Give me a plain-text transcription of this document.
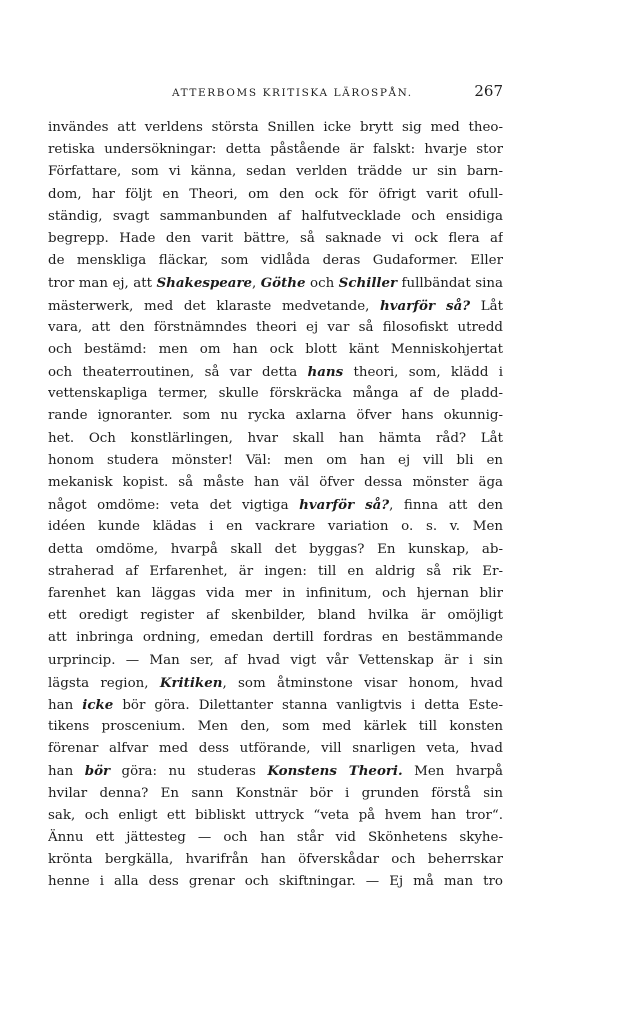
ATTERBOMS KRITISKA LÄROSPÅN.	267
invändes att verldens största Snillen icke brytt sig med theo-
retiska undersökningar: detta påstående är falskt: hvarje stor
Författare, som vi känna, sedan verlden trädde ur sin barn-
dom, har följt en Theori, om den ock för öfrigt varit ofull-
ständig, svagt sammanbunden af halfutvecklade och ensidiga
begrepp. Hade den varit bättre, så saknade vi ock flera af
de menskliga fläckar, som vidlåda deras Gudaformer. Eller
tror man ej, att Shakespeare, Göthe och Schiller fullbändat sina
mästerwerk, med det klaraste medvetande, hvarför så? Låt
vara, att den förstnämndes theori ej var så filosofiskt utredd
och bestämd: men om han ock blott känt Menniskohjertat
och theaterroutinen, så var detta hans theori, som, klädd i
vettenskapliga termer, skulle förskräcka många af de pladd-
rande ignoranter. som nu rycka axlarna öfver hans okunnig-
het. Och konstlärlingen, hvar skall han hämta råd? Låt
honom studera mönster! Väl: men om han ej vill bli en
mekanisk kopist. så måste han väl öfver dessa mönster äga
något omdöme: veta det vigtiga hvarför så?, finna att den
idéen kunde klädas i en vackrare variation o. s. v. Men
detta omdöme, hvarpå skall det byggas? En kunskap, ab-
straherad af Erfarenhet, är ingen: till en aldrig så rik Er-
farenhet kan läggas vida mer in infinitum, och hjernan blir
ett oredigt register af skenbilder, bland hvilka är omöjligt
att inbringa ordning, emedan dertill fordras en bestämmande
urprincip. — Man ser, af hvad vigt vår Vettenskap är i sin
lägsta region, Kritiken, som åtminstone visar honom, hvad
han icke bör göra. Dilettanter stanna vanligtvis i detta Este-
tikens proscenium. Men den, som med kärlek till konsten
förenar alfvar med dess utförande, vill snarligen veta, hvad
han bör göra: nu studeras Konstens Theori. Men hvarpå
hvilar denna? En sann Konstnär bör i grunden förstå sin
sak, och enligt ett bibliskt uttryck “veta på hvem han tror“.
Ännu ett jättesteg — och han står vid Skönhetens skyhe-
krönta bergkälla, hvarifrån han öfverskådar och beherrskar
henne i alla dess grenar och skiftningar. — Ej må man tro
